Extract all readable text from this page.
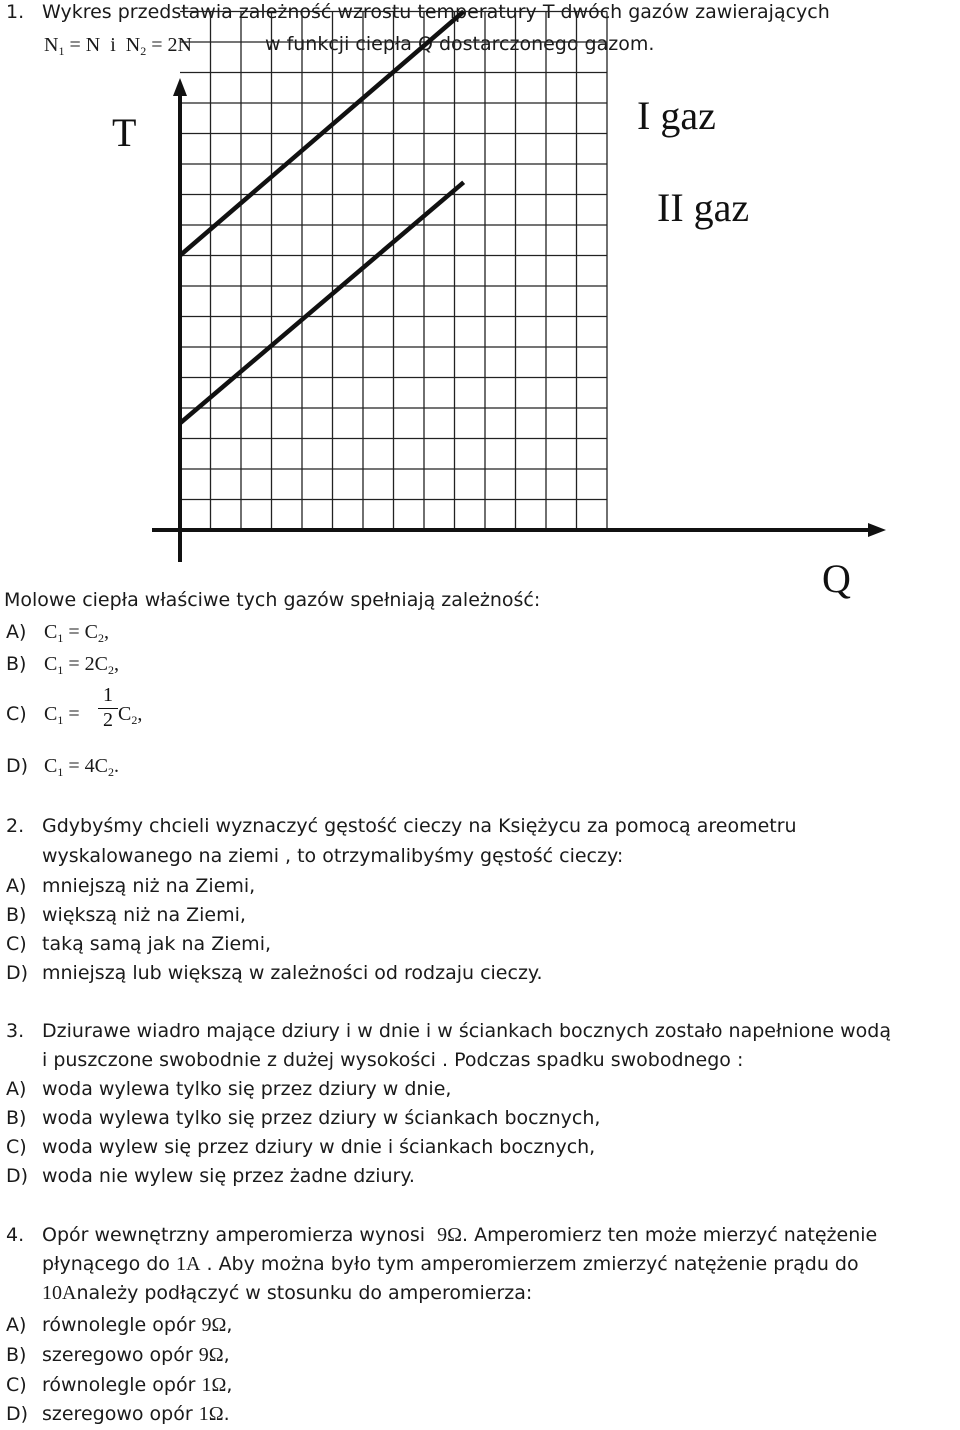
1. Wykres przedstawia zależność wzrostu temperatury T dwóch gazów zawierających
$N_1 = N$ i $N_2 = 2N$	w funkcji ciepła Q dostarczonego gazom.
T
Q
I gaz
II gaz
Molowe ciepła właściwe tych gazów spełniają zależność:
A) $C_1 = C_2$,
B) $C_1 = 2C_2$,
C) $C_1$ =
1
2 $C_2$,
D) $C_1 = 4C_2$.
2. Gdybyśmy chcieli wyznaczyć gęstość cieczy na Księżycu za pomocą areometru
wyskalowanego na ziemi , to otrzymalibyśmy gęstość cieczy:
A) mniejszą niż na Ziemi,
B) większą niż na Ziemi,
C) taką samą jak na Ziemi,
D) mniejszą lub większą w zależności od rodzaju cieczy.
3. Dziurawe wiadro mające dziury i w dnie i w ściankach bocznych zostało napełnione wodą
i puszczone swobodnie z dużej wysokości . Podczas spadku swobodnego :
A) woda wylewa tylko się przez dziury w dnie,
B) woda wylewa tylko się przez dziury w ściankach bocznych,
C) woda wylew się przez dziury w dnie i ściankach bocznych,
D) woda nie wylew się przez żadne dziury.
4. Opór wewnętrzny amperomierza wynosi 9Ω. Amperomierz ten może mierzyć natężenie
płynącego do 1A . Aby można było tym amperomierzem zmierzyć natężenie prądu do
10Anależy podłączyć w stosunku do amperomierza:
A) równolegle opór 9Ω,
B) szeregowo opór 9Ω,
C) równolegle opór 1Ω,
D) szeregowo opór 1Ω.
